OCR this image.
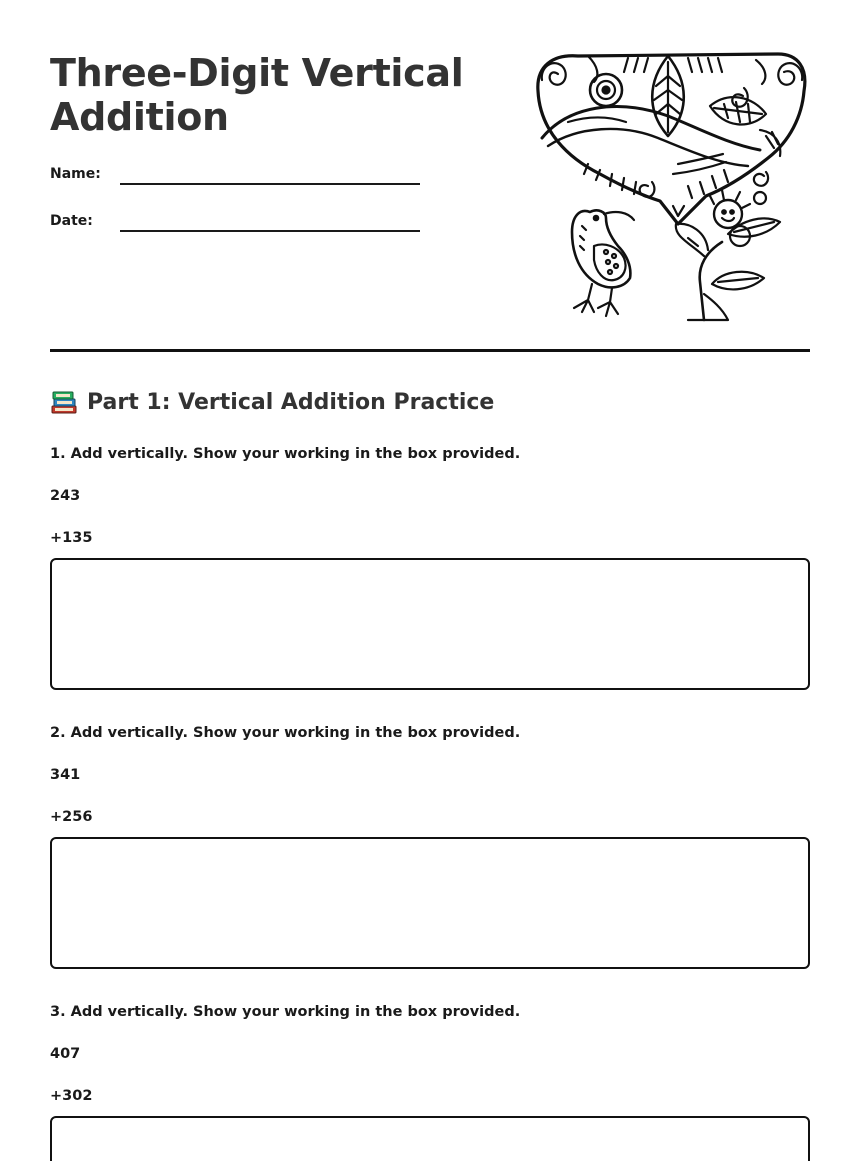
Three-Digit Vertical Addition
Name:
Date:
Part 1: Vertical Addition Practice
1. Add vertically. Show your working in the box provided.
243
+135
2. Add vertically. Show your working in the box provided.
341
+256
3. Add vertically. Show your working in the box provided.
407
+302
